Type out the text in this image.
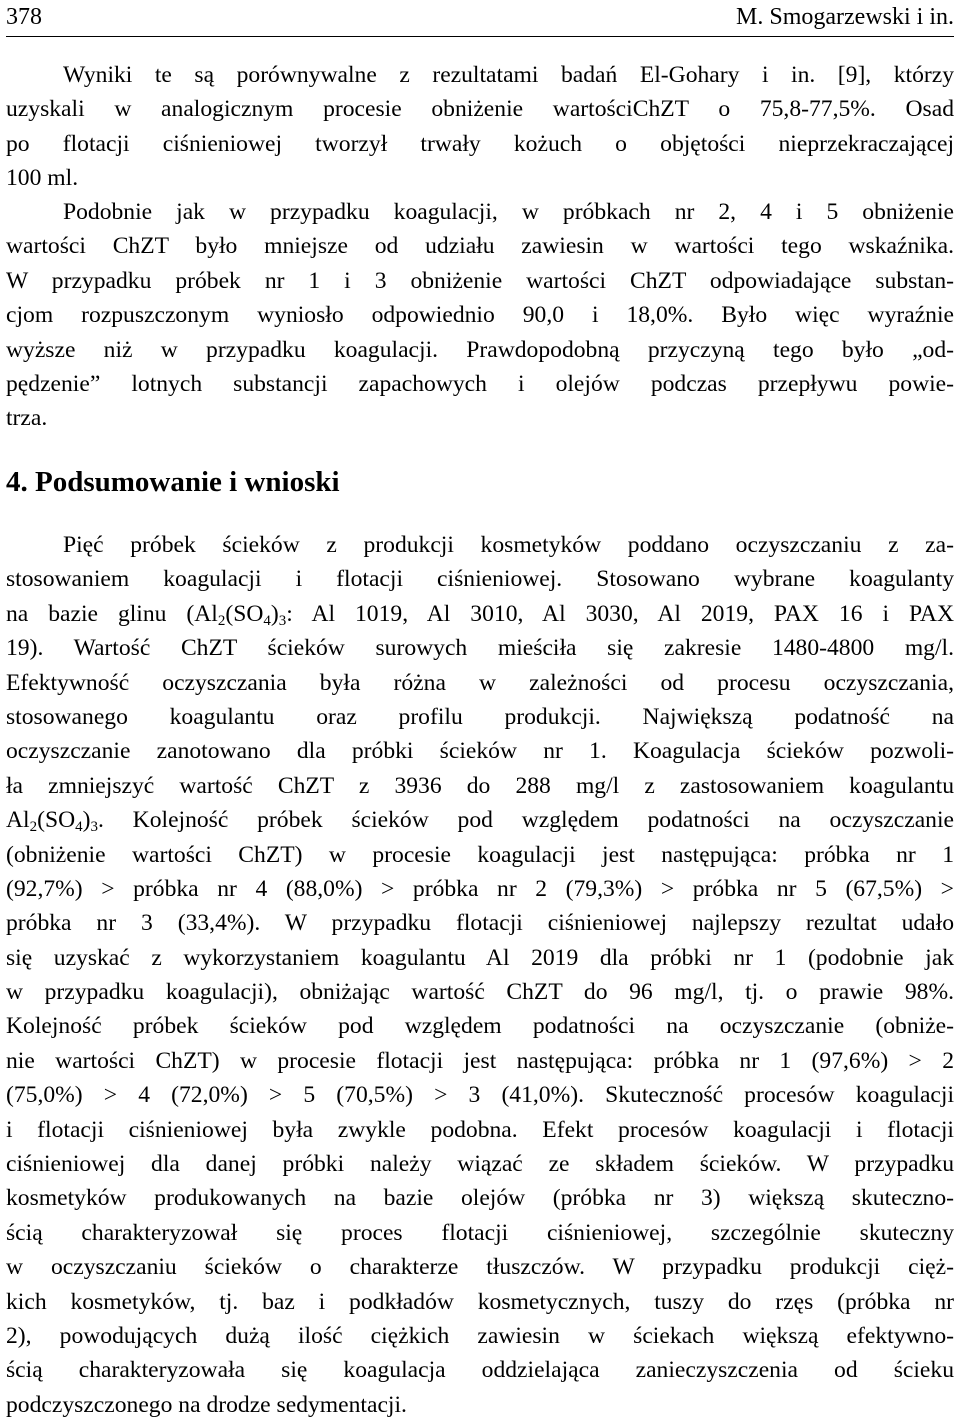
378	M. Smogarzewski i in.
Wyniki te są porównywalne z rezultatami badań El-Gohary i in. [9], którzy
uzyskali w analogicznym procesie obniżenie wartościChZT o 75,8-77,5%. Osad
po flotacji ciśnieniowej tworzył trwały kożuch o objętości nieprzekraczającej
100 ml.
Podobnie jak w przypadku koagulacji, w próbkach nr 2, 4 i 5 obniżenie
wartości ChZT było mniejsze od udziału zawiesin w wartości tego wskaźnika.
W przypadku próbek nr 1 i 3 obniżenie wartości ChZT odpowiadające substan-
cjom rozpuszczonym wyniosło odpowiednio 90,0 i 18,0%. Było więc wyraźnie
wyższe niż w przypadku koagulacji. Prawdopodobną przyczyną tego było „od-
pędzenie” lotnych substancji zapachowych i olejów podczas przepływu powie-
trza.
4. Podsumowanie i wnioski
Pięć próbek ścieków z produkcji kosmetyków poddano oczyszczaniu z za-
stosowaniem koagulacji i flotacji ciśnieniowej. Stosowano wybrane koagulanty
na bazie glinu ($Al_2(SO_4)_3$: Al 1019, Al 3010, Al 3030, Al 2019, PAX 16 i PAX
19). Wartość ChZT ścieków surowych mieściła się zakresie 1480-4800 mg/l.
Efektywność oczyszczania była różna w zależności od procesu oczyszczania,
stosowanego koagulantu oraz profilu produkcji. Największą podatność na
oczyszczanie zanotowano dla próbki ścieków nr 1. Koagulacja ścieków pozwoli-
ła zmniejszyć wartość ChZT z 3936 do 288 mg/l z zastosowaniem koagulantu
$Al_2(SO_4)_3$. Kolejność próbek ścieków pod względem podatności na oczyszczanie
(obniżenie wartości ChZT) w procesie koagulacji jest następująca: próbka nr 1
(92,7%) > próbka nr 4 (88,0%) > próbka nr 2 (79,3%) > próbka nr 5 (67,5%) >
próbka nr 3 (33,4%). W przypadku flotacji ciśnieniowej najlepszy rezultat udało
się uzyskać z wykorzystaniem koagulantu Al 2019 dla próbki nr 1 (podobnie jak
w przypadku koagulacji), obniżając wartość ChZT do 96 mg/l, tj. o prawie 98%.
Kolejność próbek ścieków pod względem podatności na oczyszczanie (obniże-
nie wartości ChZT) w procesie flotacji jest następująca: próbka nr 1 (97,6%) > 2
(75,0%) > 4 (72,0%) > 5 (70,5%) > 3 (41,0%). Skuteczność procesów koagulacji
i flotacji ciśnieniowej była zwykle podobna. Efekt procesów koagulacji i flotacji
ciśnieniowej dla danej próbki należy wiązać ze składem ścieków. W przypadku
kosmetyków produkowanych na bazie olejów (próbka nr 3) większą skuteczno-
ścią charakteryzował się proces flotacji ciśnieniowej, szczególnie skuteczny
w oczyszczaniu ścieków o charakterze tłuszczów. W przypadku produkcji cięż-
kich kosmetyków, tj. baz i podkładów kosmetycznych, tuszy do rzęs (próbka nr
2), powodujących dużą ilość ciężkich zawiesin w ściekach większą efektywno-
ścią charakteryzowała się koagulacja oddzielająca zanieczyszczenia od ścieku
podczyszczonego na drodze sedymentacji.
